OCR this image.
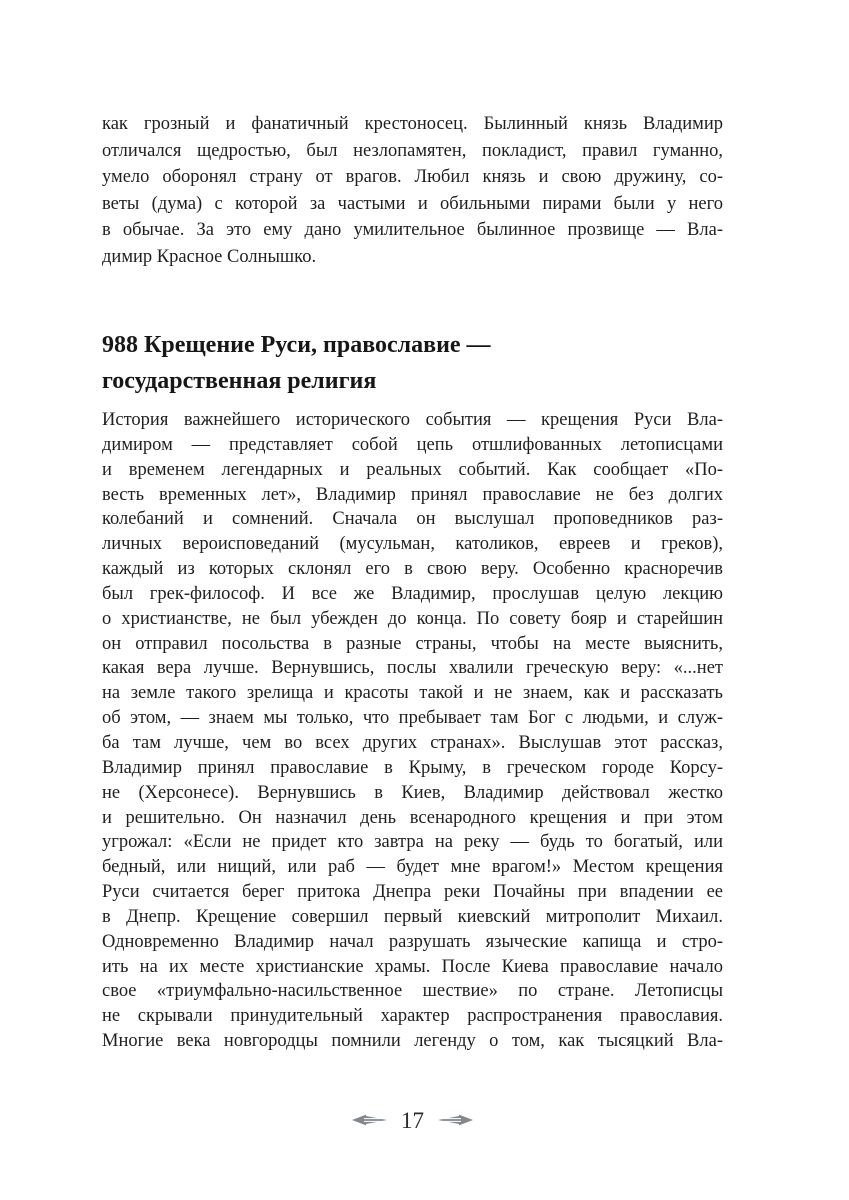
как грозный и фанатичный крестоносец. Былинный князь Владимир
отличался щедростью, был незлопамятен, покладист, правил гуманно,
умело оборонял страну от врагов. Любил князь и свою дружину, со-
веты (дума) с которой за частыми и обильными пирами были у него
в обычае. За это ему дано умилительное былинное прозвище — Вла-
димир Красное Солнышко.
988 Крещение Руси, православие —
государственная религия
История важнейшего исторического события — крещения Руси Вла-
димиром — представляет собой цепь отшлифованных летописцами
и временем легендарных и реальных событий. Как сообщает «По-
весть временных лет», Владимир принял православие не без долгих
колебаний и сомнений. Сначала он выслушал проповедников раз-
личных вероисповеданий (мусульман, католиков, евреев и греков),
каждый из которых склонял его в свою веру. Особенно красноречив
был грек-философ. И все же Владимир, прослушав целую лекцию
о христианстве, не был убежден до конца. По совету бояр и старейшин
он отправил посольства в разные страны, чтобы на месте выяснить,
какая вера лучше. Вернувшись, послы хвалили греческую веру: «...нет
на земле такого зрелища и красоты такой и не знаем, как и рассказать
об этом, — знаем мы только, что пребывает там Бог с людьми, и служ-
ба там лучше, чем во всех других странах». Выслушав этот рассказ,
Владимир принял православие в Крыму, в греческом городе Корсу-
не (Херсонесе). Вернувшись в Киев, Владимир действовал жестко
и решительно. Он назначил день всенародного крещения и при этом
угрожал: «Если не придет кто завтра на реку — будь то богатый, или
бедный, или нищий, или раб — будет мне врагом!» Местом крещения
Руси считается берег притока Днепра реки Почайны при впадении ее
в Днепр. Крещение совершил первый киевский митрополит Михаил.
Одновременно Владимир начал разрушать языческие капища и стро-
ить на их месте христианские храмы. После Киева православие начало
свое «триумфально-насильственное шествие» по стране. Летописцы
не скрывали принудительный характер распространения православия.
Многие века новгородцы помнили легенду о том, как тысяцкий Вла-
17
